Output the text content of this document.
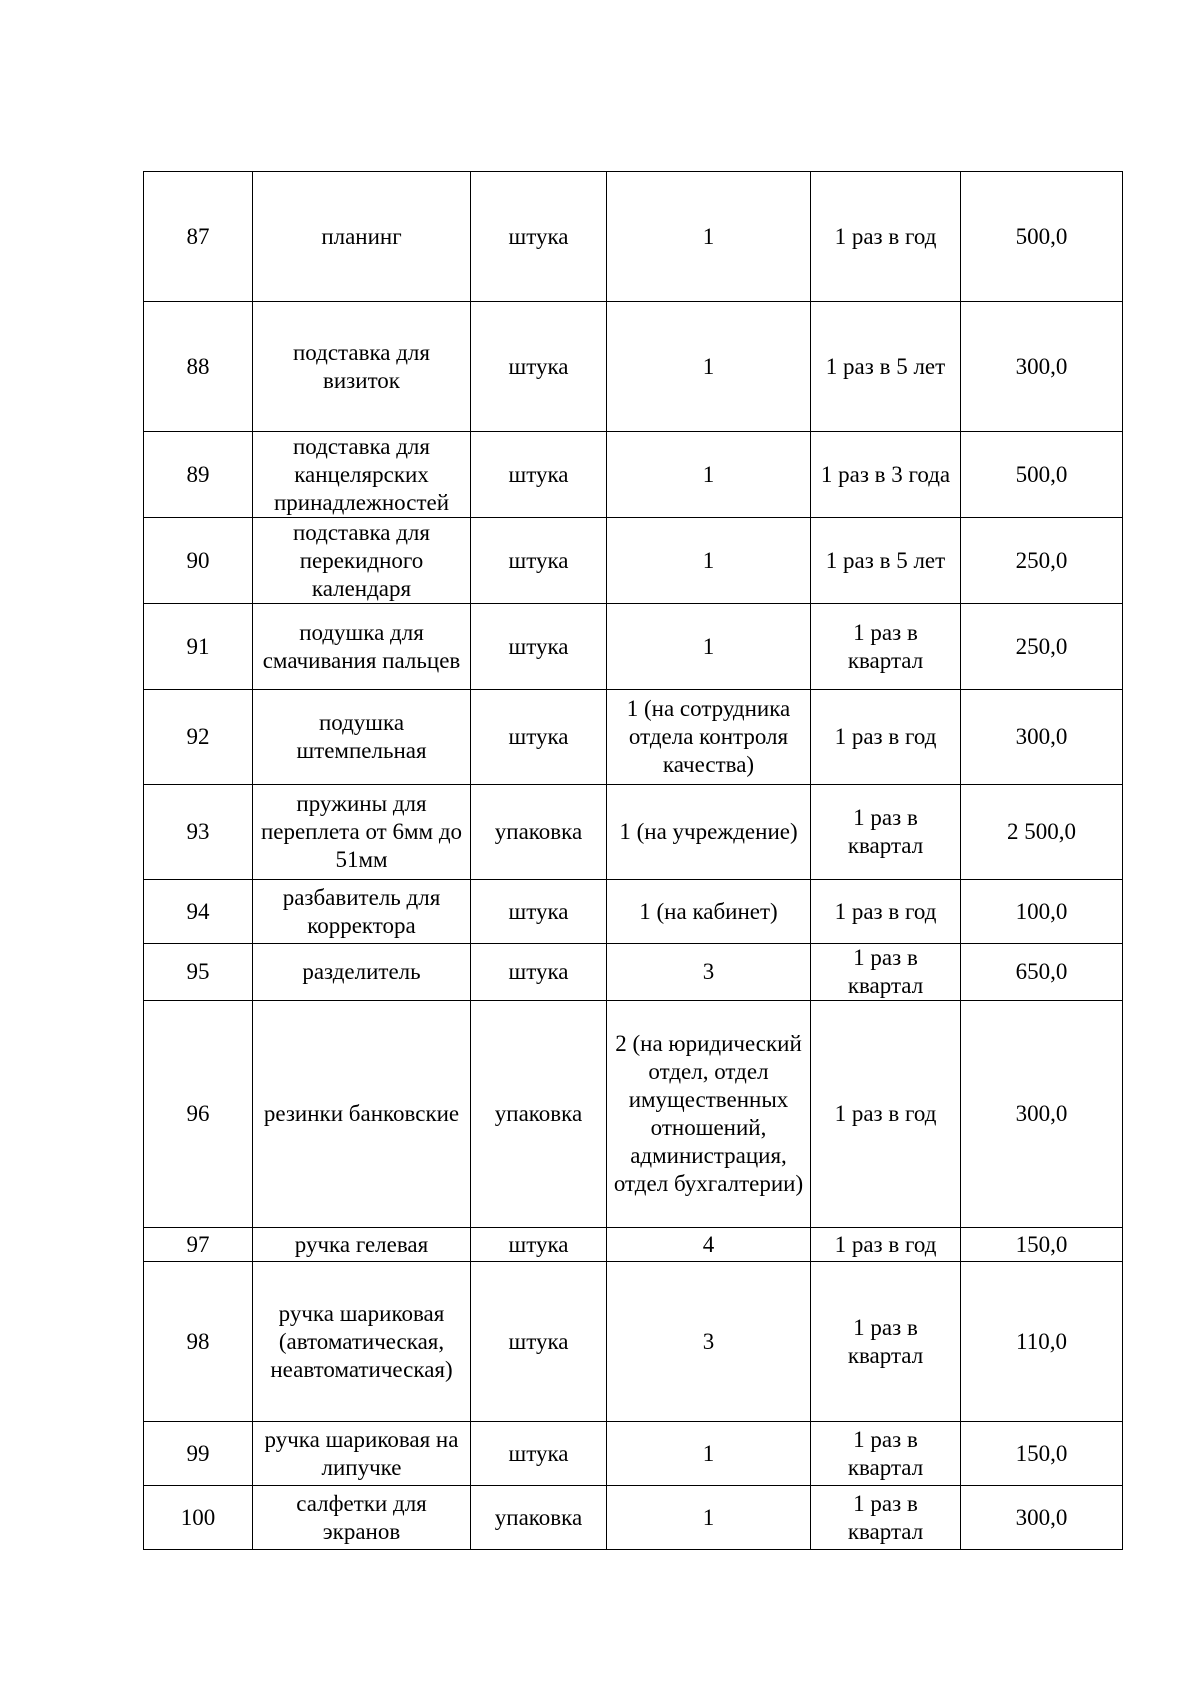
87	планинг	штука	1	1 раз в год	500,0
88	подставка для визиток	штука	1	1 раз в 5 лет	300,0
89	подставка для канцелярских принадлежностей	штука	1	1 раз в 3 года	500,0
90	подставка для перекидного календаря	штука	1	1 раз в 5 лет	250,0
91	подушка для смачивания пальцев	штука	1	1 раз в квартал	250,0
92	подушка штемпельная	штука	1 (на сотрудника отдела контроля качества)	1 раз в год	300,0
93	пружины для переплета от 6мм до 51мм	упаковка	1 (на учреждение)	1 раз в квартал	2 500,0
94	разбавитель для корректора	штука	1 (на кабинет)	1 раз в год	100,0
95	разделитель	штука	3	1 раз в квартал	650,0
96	резинки банковские	упаковка	2 (на юридический отдел, отдел имущественных отношений, администрация, отдел бухгалтерии)	1 раз в год	300,0
97	ручка гелевая	штука	4	1 раз в год	150,0
98	ручка шариковая (автоматическая, неавтоматическая)	штука	3	1 раз в квартал	110,0
99	ручка шариковая на липучке	штука	1	1 раз в квартал	150,0
100	салфетки для экранов	упаковка	1	1 раз в квартал	300,0
